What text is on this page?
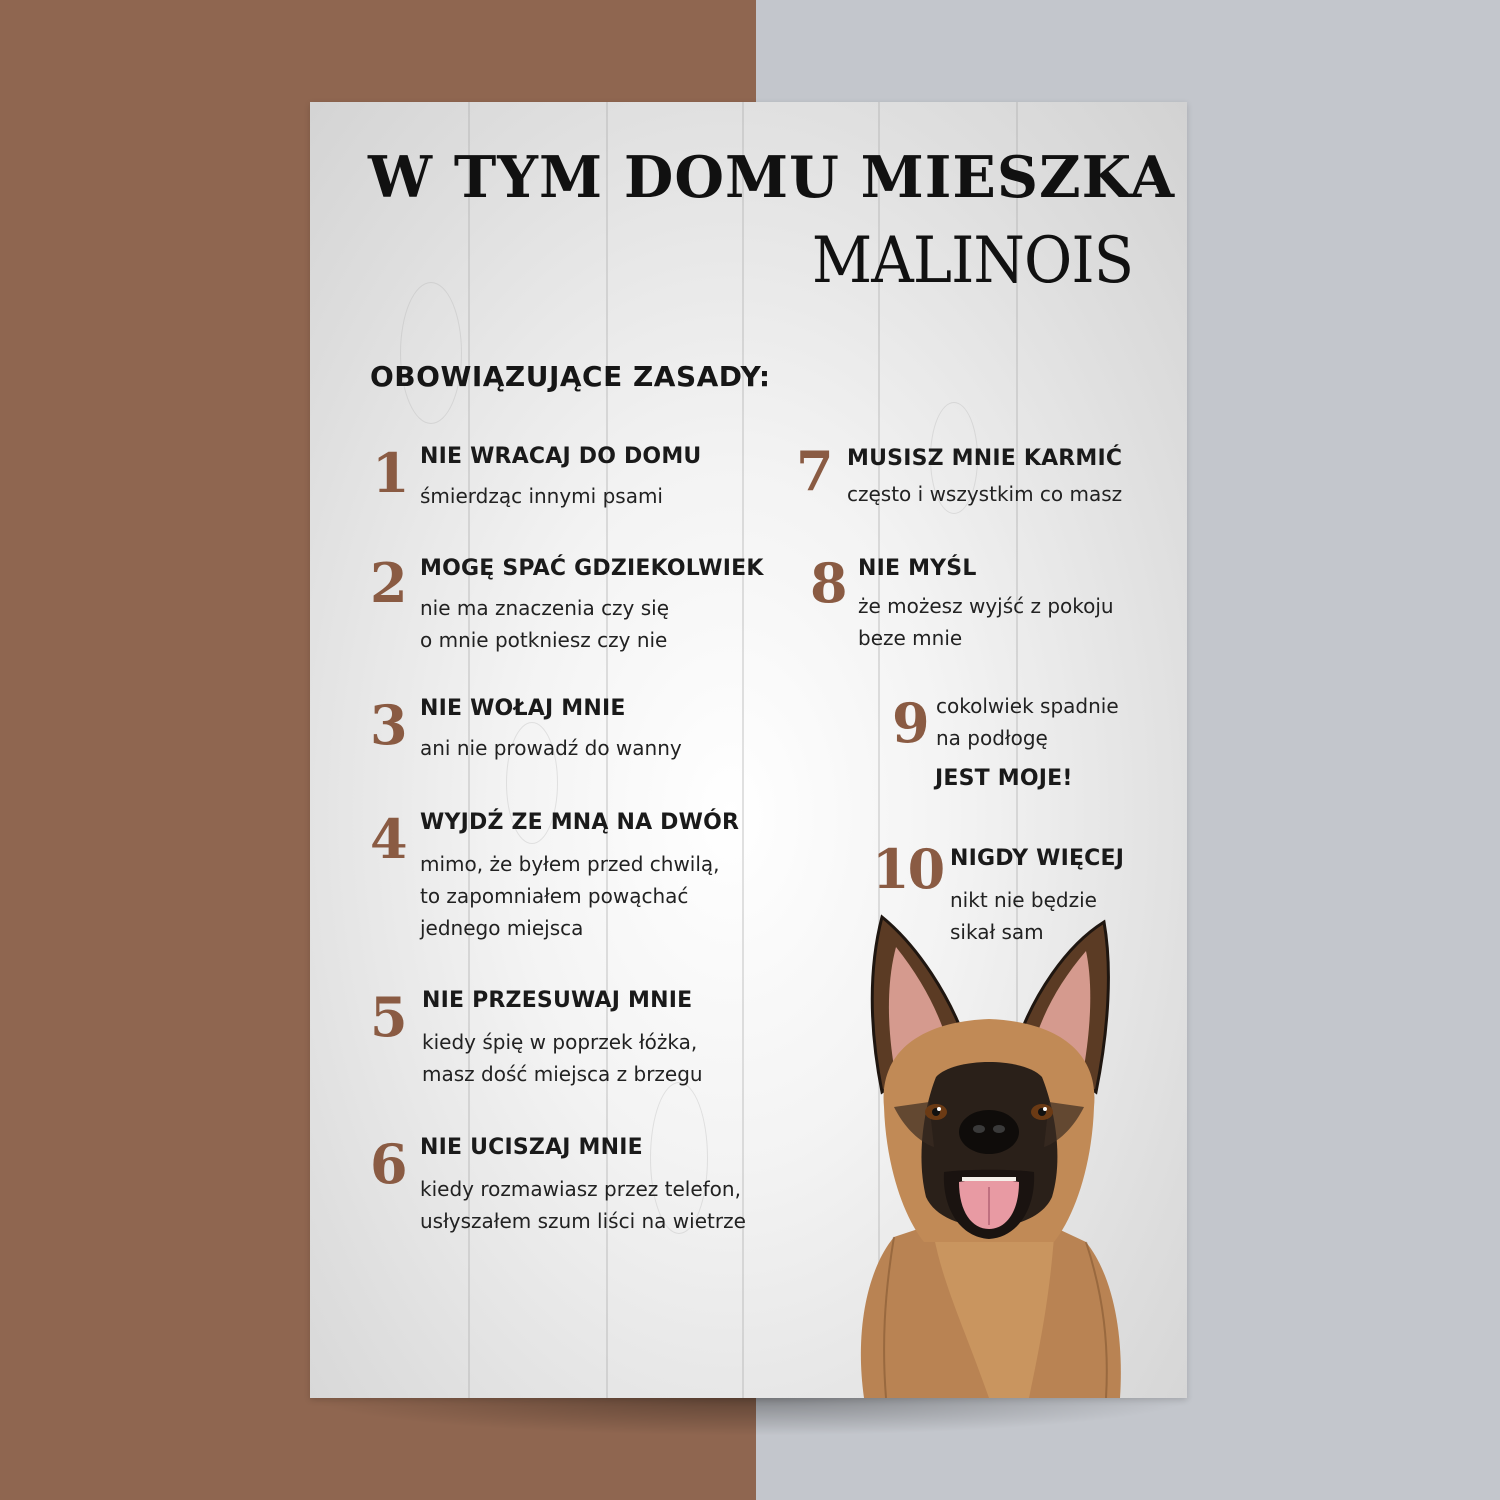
W TYM DOMU MIESZKA
MALINOIS
OBOWIĄZUJĄCE ZASADY:
1 NIE WRACAJ DO DOMU

śmierdząc innymi psami

2 MOGĘ SPAĆ GDZIEKOLWIEK

nie ma znaczenia czy się

o mnie potkniesz czy nie

3 NIE WOŁAJ MNIE

ani nie prowadź do wanny

4 WYJDŹ ZE MNĄ NA DWÓR

mimo, że byłem przed chwilą,

to zapomniałem powąchać

jednego miejsca

5 NIE PRZESUWAJ MNIE

kiedy śpię w poprzek łóżka,

masz dość miejsca z brzegu

6 NIE UCISZAJ MNIE

kiedy rozmawiasz przez telefon,

usłyszałem szum liści na wietrze

7 MUSISZ MNIE KARMIĆ

często i wszystkim co masz

8 NIE MYŚL

że możesz wyjść z pokoju

beze mnie

9 cokolwiek spadnie

na podłogę

JEST MOJE!

10 NIGDY WIĘCEJ

nikt nie będzie

sikał sam
